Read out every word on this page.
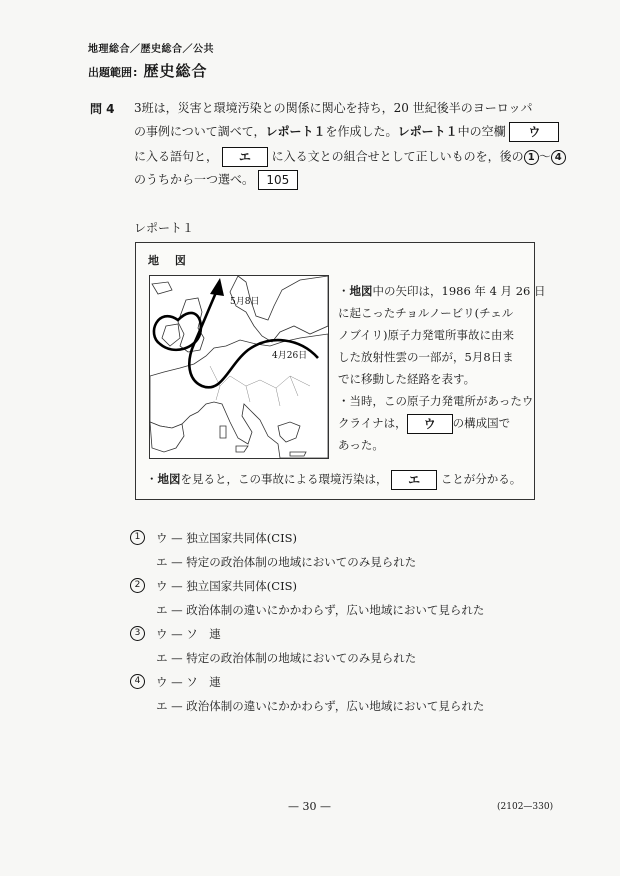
地理総合／歴史総合／公共
出題範囲: 歴史総合
問 4 3班は，災害と環境汚染との関係に関心を持ち，20 世紀後半のヨーロッパ
の事例について調べて，レポート１を作成した。レポート１中の空欄 ウ
に入る語句と， エ に入る文との組合せとして正しいものを，後の 1 ～ 4
のうちから一つ選べ。 105
レポート１
地 図
5月8日
4月26日
・地図中の矢印は，1986 年 4 月 26 日
に起こったチョルノービリ(チェル
ノブイリ)原子力発電所事故に由来
した放射性雲の一部が，5月8日ま
でに移動した経路を表す。
・当時，この原子力発電所があったウ
クライナは， ウ の構成国で
あった。
・地図を見ると，この事故による環境汚染は， エ ことが分かる。
1	ウ — 独立国家共同体(CIS)
エ — 特定の政治体制の地域においてのみ見られた
2	ウ — 独立国家共同体(CIS)
エ — 政治体制の違いにかかわらず，広い地域において見られた
3	ウ — ソ　連
エ — 特定の政治体制の地域においてのみ見られた
4	ウ — ソ　連
エ — 政治体制の違いにかかわらず，広い地域において見られた
— 30 —	(2102—330)
